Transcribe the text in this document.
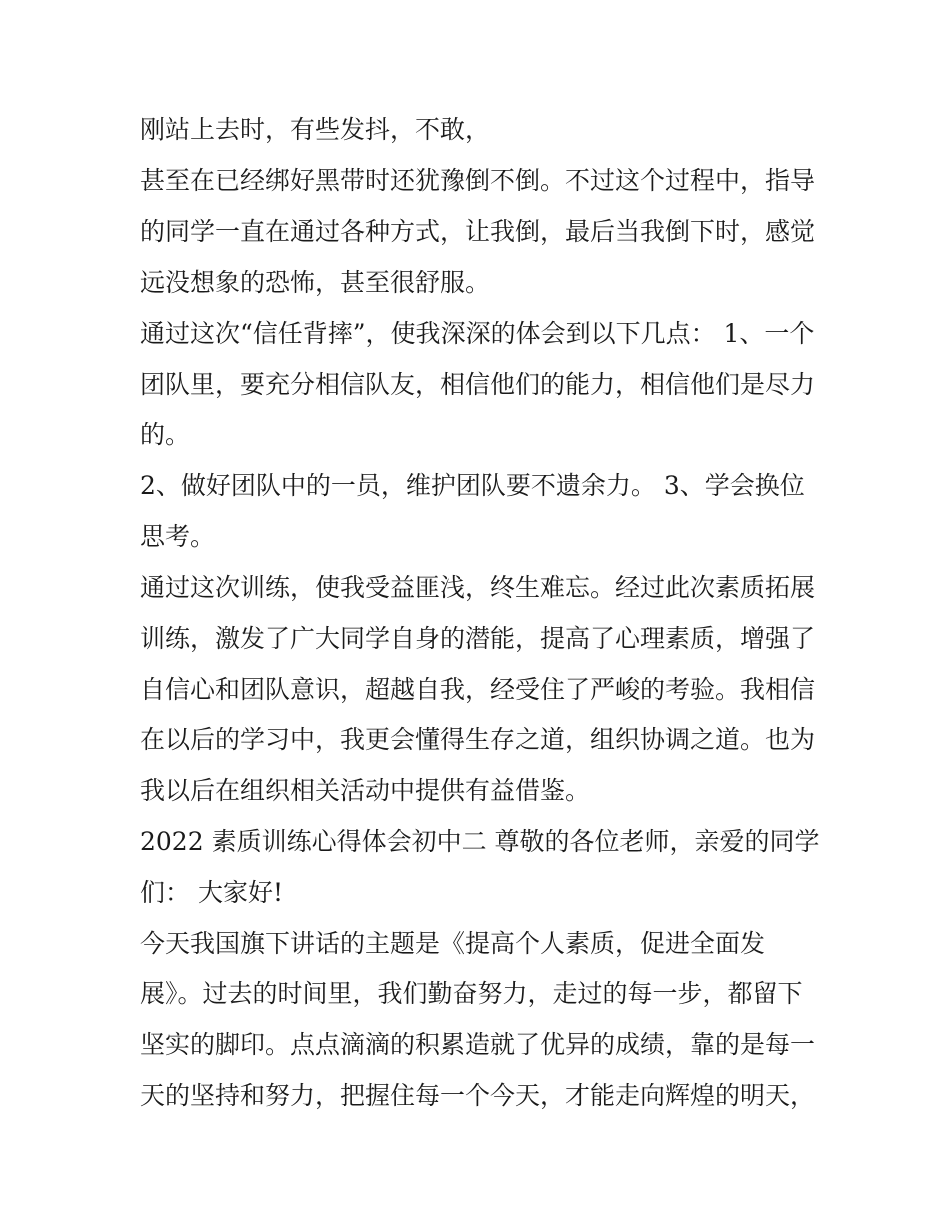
刚站上去时，有些发抖，不敢，
甚至在已经绑好黑带时还犹豫倒不倒。不过这个过程中，指导
的同学一直在通过各种方式，让我倒，最后当我倒下时，感觉
远没想象的恐怖，甚至很舒服。
通过这次“信任背摔”，使我深深的体会到以下几点： 1、一个
团队里，要充分相信队友，相信他们的能力，相信他们是尽力
的。
2、做好团队中的一员，维护团队要不遗余力。 3、学会换位
思考。
通过这次训练，使我受益匪浅，终生难忘。经过此次素质拓展
训练，激发了广大同学自身的潜能，提高了心理素质，增强了
自信心和团队意识，超越自我，经受住了严峻的考验。我相信
在以后的学习中，我更会懂得生存之道，组织协调之道。也为
我以后在组织相关活动中提供有益借鉴。
2022 素质训练心得体会初中二 尊敬的各位老师，亲爱的同学
们： 大家好!
今天我国旗下讲话的主题是《提高个人素质，促进全面发
展》。过去的时间里，我们勤奋努力，走过的每一步，都留下
坚实的脚印。点点滴滴的积累造就了优异的成绩，靠的是每一
天的坚持和努力，把握住每一个今天，才能走向辉煌的明天，
